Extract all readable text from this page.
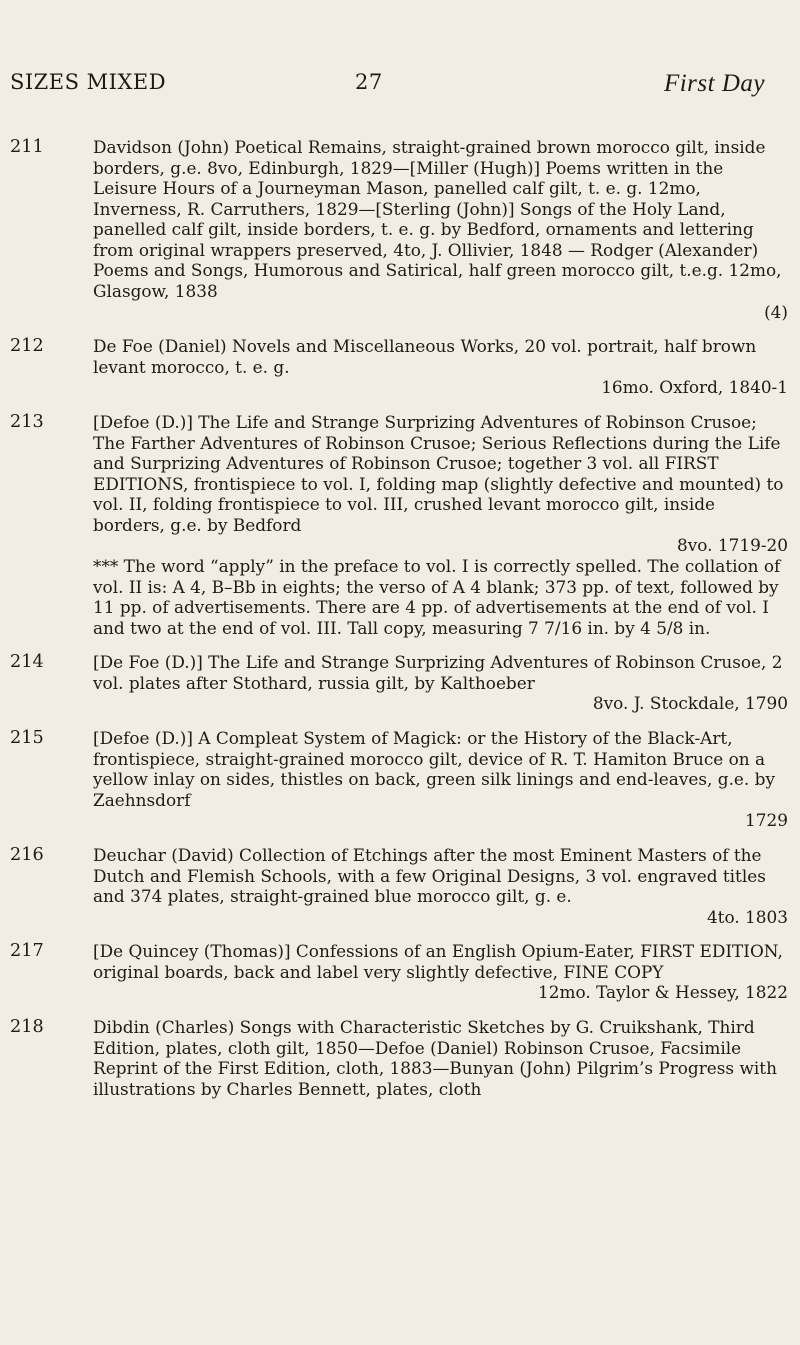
SIZES MIXED	27	First Day
211	Davidson (John) Poetical Remains, straight-grained brown morocco gilt, inside borders, g.e. 8vo, Edinburgh, 1829—[Miller (Hugh)] Poems written in the Leisure Hours of a Journeyman Mason, panelled calf gilt, t. e. g. 12mo, Inverness, R. Carruthers, 1829—[Sterling (John)] Songs of the Holy Land, panelled calf gilt, inside borders, t. e. g. by Bedford, ornaments and lettering from original wrappers preserved, 4to, J. Ollivier, 1848 — Rodger (Alexander) Poems and Songs, Humorous and Satirical, half green morocco gilt, t.e.g. 12mo, Glasgow, 1838

(4)

212	De Foe (Daniel) Novels and Miscellaneous Works, 20 vol. portrait, half brown levant morocco, t. e. g.

16mo. Oxford, 1840-1

213	[Defoe (D.)] The Life and Strange Surprizing Adventures of Robinson Crusoe; The Farther Adventures of Robinson Crusoe; Serious Reflections during the Life and Surprizing Adventures of Robinson Crusoe; together 3 vol. all FIRST EDITIONS, frontispiece to vol. I, folding map (slightly defective and mounted) to vol. II, folding frontispiece to vol. III, crushed levant morocco gilt, inside borders, g.e. by Bedford

8vo. 1719-20

*** The word “apply” in the preface to vol. I is correctly spelled. The collation of vol. II is: A 4, B–Bb in eights; the verso of A 4 blank; 373 pp. of text, followed by 11 pp. of advertisements. There are 4 pp. of advertisements at the end of vol. I and two at the end of vol. III. Tall copy, measuring 7 7/16 in. by 4 5/8 in.

214	[De Foe (D.)] The Life and Strange Surprizing Adventures of Robinson Crusoe, 2 vol. plates after Stothard, russia gilt, by Kalthoeber

8vo. J. Stockdale, 1790

215	[Defoe (D.)] A Compleat System of Magick: or the History of the Black-Art, frontispiece, straight-grained morocco gilt, device of R. T. Hamiton Bruce on a yellow inlay on sides, thistles on back, green silk linings and end-leaves, g.e. by Zaehnsdorf

1729

216	Deuchar (David) Collection of Etchings after the most Eminent Masters of the Dutch and Flemish Schools, with a few Original Designs, 3 vol. engraved titles and 374 plates, straight-grained blue morocco gilt, g. e.

4to. 1803

217	[De Quincey (Thomas)] Confessions of an English Opium-Eater, FIRST EDITION, original boards, back and label very slightly defective, FINE COPY

12mo. Taylor & Hessey, 1822

218	Dibdin (Charles) Songs with Characteristic Sketches by G. Cruikshank, Third Edition, plates, cloth gilt, 1850—Defoe (Daniel) Robinson Crusoe, Facsimile Reprint of the First Edition, cloth, 1883—Bunyan (John) Pilgrim’s Progress with illustrations by Charles Bennett, plates, cloth
